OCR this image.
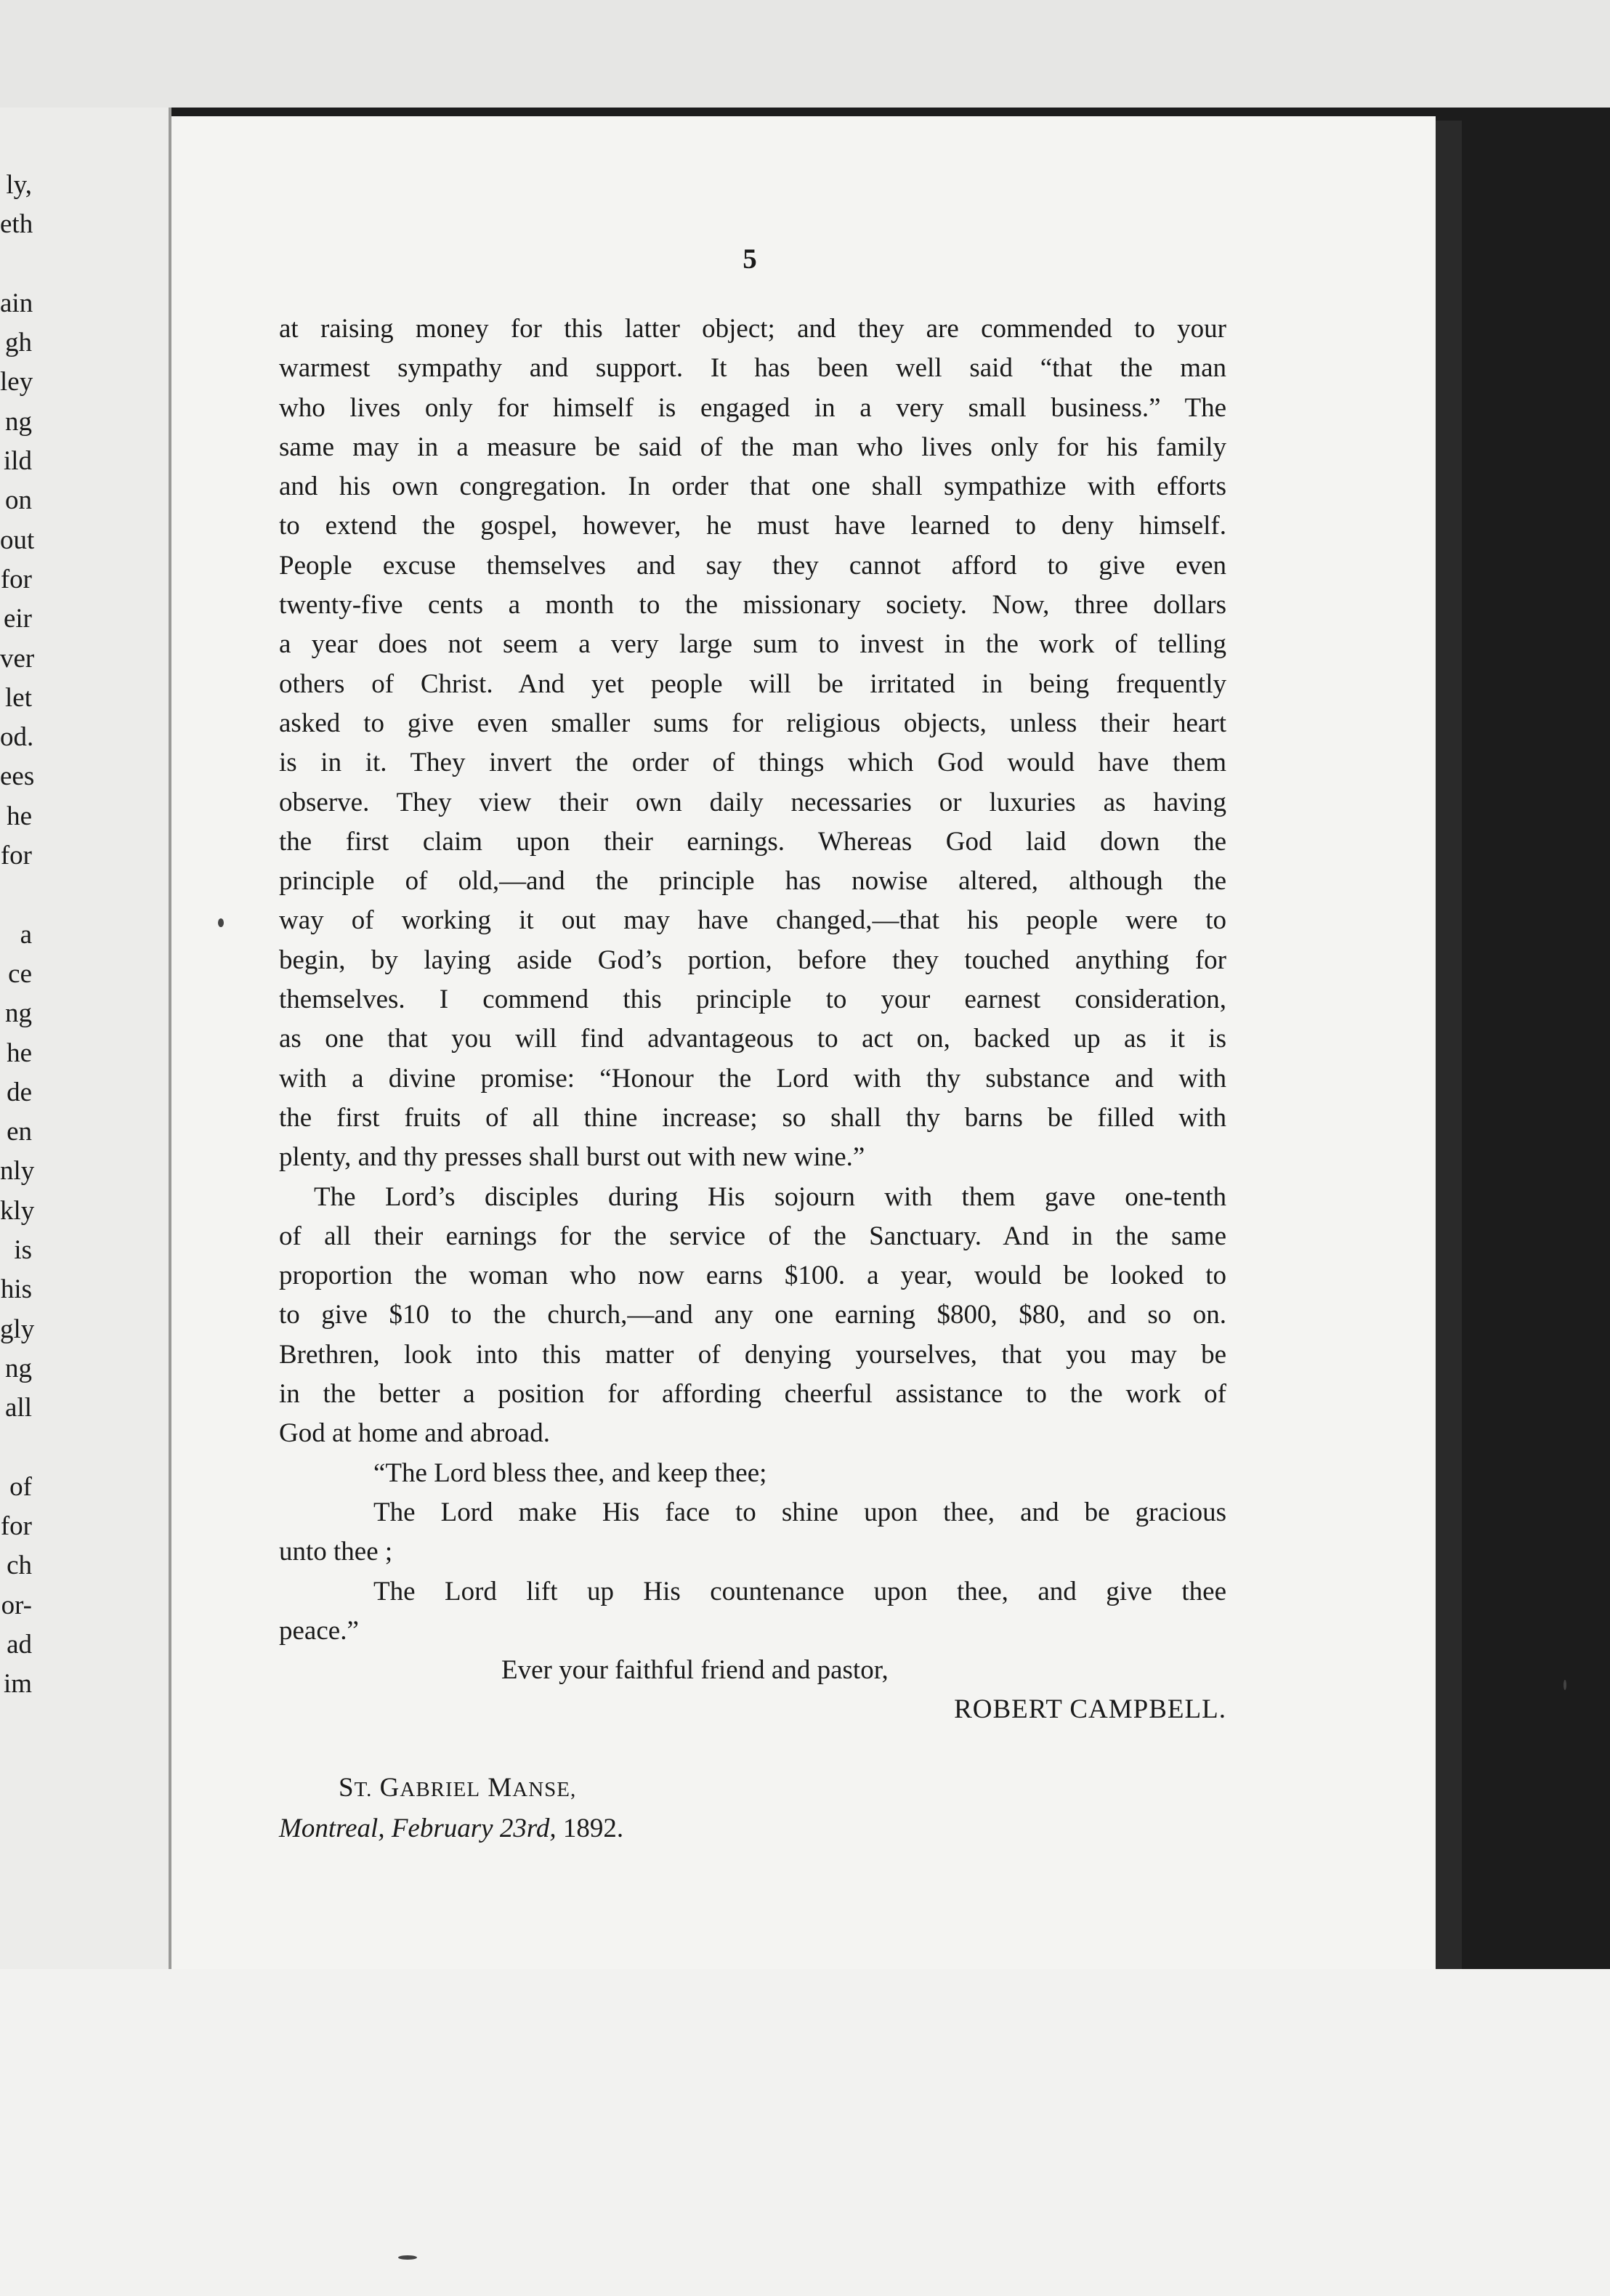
ly,
eth
ain
gh
ley
ng
ild
on
out
for
eir
ver
let
od.
ees
he
for
a
ce
ng
he
de
en
nly
kly
is
his
gly
ng
all
of
for
ch
or-
ad
im
5
at raising money for this latter object; and they are commended to your
warmest sympathy and support. It has been well said “that the man
who lives only for himself is engaged in a very small business.” The
same may in a measure be said of the man who lives only for his family
and his own congregation. In order that one shall sympathize with efforts
to extend the gospel, however, he must have learned to deny himself.
People excuse themselves and say they cannot afford to give even
twenty-five cents a month to the missionary society. Now, three dollars
a year does not seem a very large sum to invest in the work of telling
others of Christ. And yet people will be irritated in being frequently
asked to give even smaller sums for religious objects, unless their heart
is in it. They invert the order of things which God would have them
observe. They view their own daily necessaries or luxuries as having
the first claim upon their earnings. Whereas God laid down the
principle of old,—and the principle has nowise altered, although the
way of working it out may have changed,—that his people were to
begin, by laying aside God’s portion, before they touched anything for
themselves. I commend this principle to your earnest consideration,
as one that you will find advantageous to act on, backed up as it is
with a divine promise: “Honour the Lord with thy substance and with
the first fruits of all thine increase; so shall thy barns be filled with
plenty, and thy presses shall burst out with new wine.”
The Lord’s disciples during His sojourn with them gave one-tenth
of all their earnings for the service of the Sanctuary. And in the same
proportion the woman who now earns $100. a year, would be looked to
to give $10 to the church,—and any one earning $800, $80, and so on.
Brethren, look into this matter of denying yourselves, that you may be
in the better a position for affording cheerful assistance to the work of
God at home and abroad.
“The Lord bless thee, and keep thee;
The Lord make His face to shine upon thee, and be gracious
unto thee ;
The Lord lift up His countenance upon thee, and give thee
peace.”
Ever your faithful friend and pastor,
ROBERT CAMPBELL.
ST. GABRIEL MANSE,
Montreal, February 23rd, 1892.
